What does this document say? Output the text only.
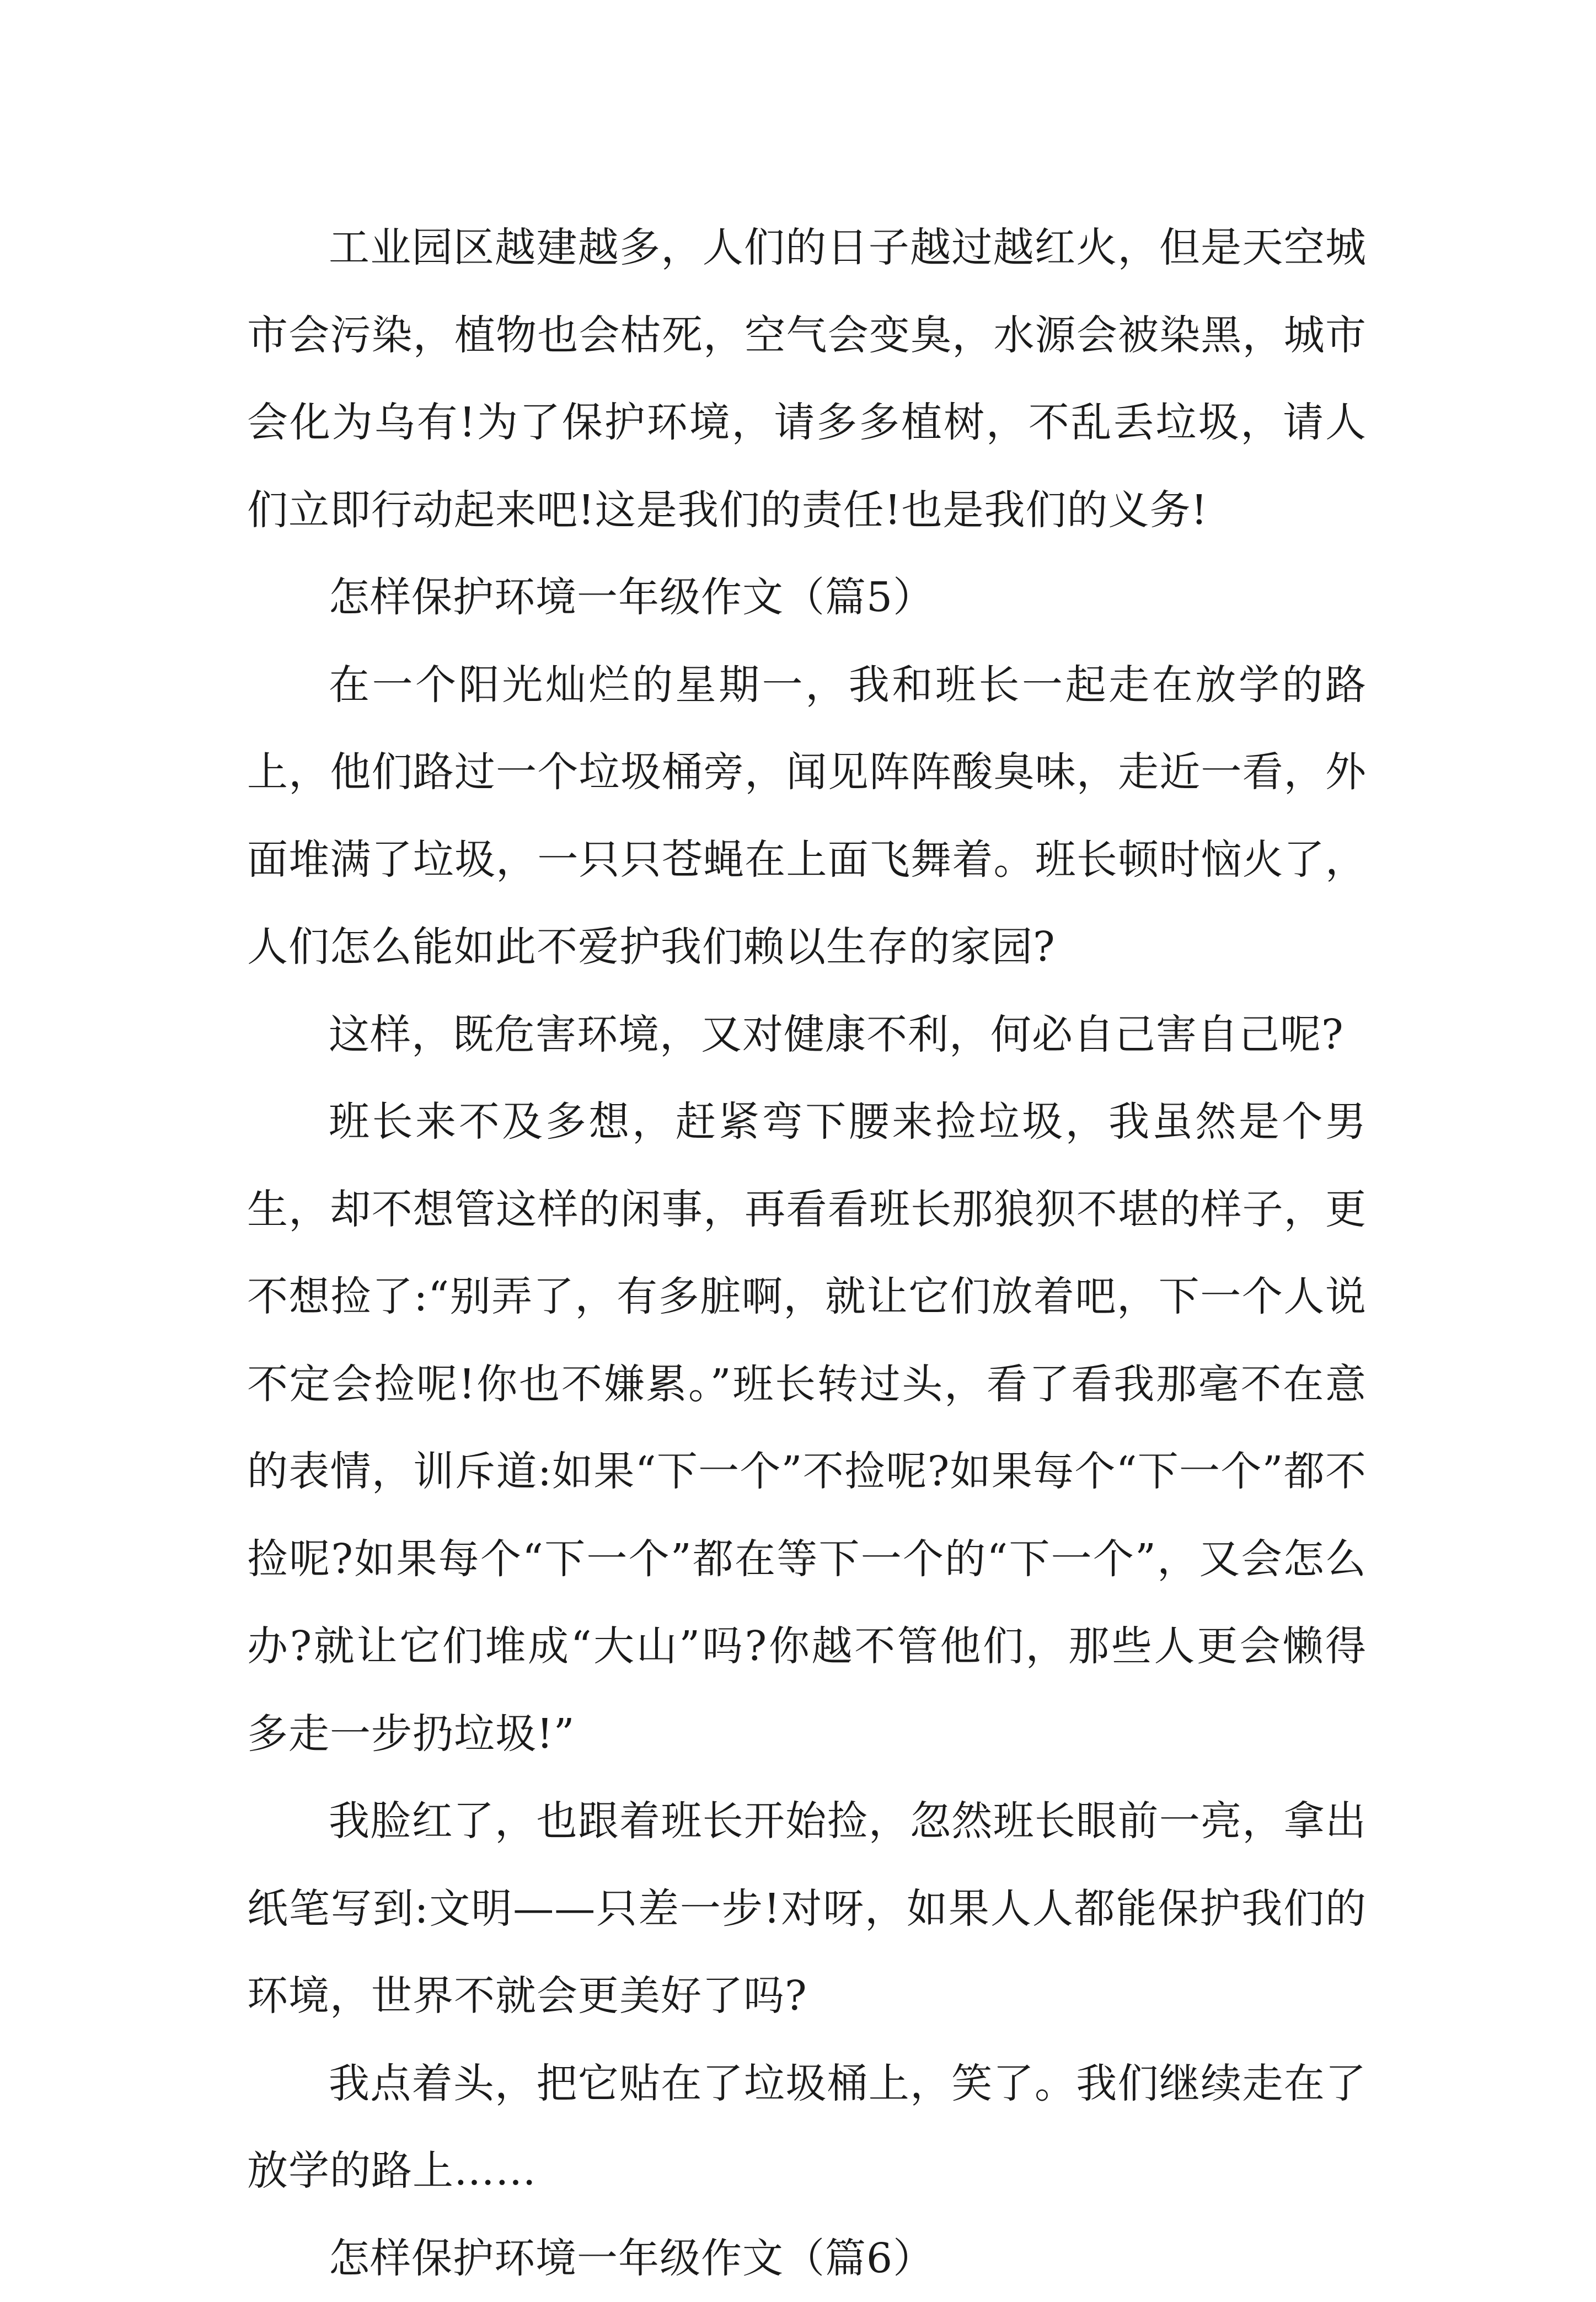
工业园区越建越多，人们的日子越过越红火，但是天空城市会污染，植物也会枯死，空气会变臭，水源会被染黑，城市会化为乌有!为了保护环境，请多多植树，不乱丢垃圾，请人们立即行动起来吧!这是我们的责任!也是我们的义务!

怎样保护环境一年级作文（篇5）

在一个阳光灿烂的星期一，我和班长一起走在放学的路上，他们路过一个垃圾桶旁，闻见阵阵酸臭味，走近一看，外面堆满了垃圾，一只只苍蝇在上面飞舞着。班长顿时恼火了，人们怎么能如此不爱护我们赖以生存的家园?

这样，既危害环境，又对健康不利，何必自己害自己呢?

班长来不及多想，赶紧弯下腰来捡垃圾，我虽然是个男生，却不想管这样的闲事，再看看班长那狼狈不堪的样子，更不想捡了:“别弄了，有多脏啊，就让它们放着吧，下一个人说不定会捡呢!你也不嫌累。”班长转过头，看了看我那毫不在意的表情，训斥道:如果“下一个”不捡呢?如果每个“下一个”都不捡呢?如果每个“下一个”都在等下一个的“下一个”，又会怎么办?就让它们堆成“大山”吗?你越不管他们，那些人更会懒得多走一步扔垃圾!”

我脸红了，也跟着班长开始捡，忽然班长眼前一亮，拿出纸笔写到:文明——只差一步!对呀，如果人人都能保护我们的环境，世界不就会更美好了吗?

我点着头，把它贴在了垃圾桶上，笑了。我们继续走在了放学的路上……

怎样保护环境一年级作文（篇6）
